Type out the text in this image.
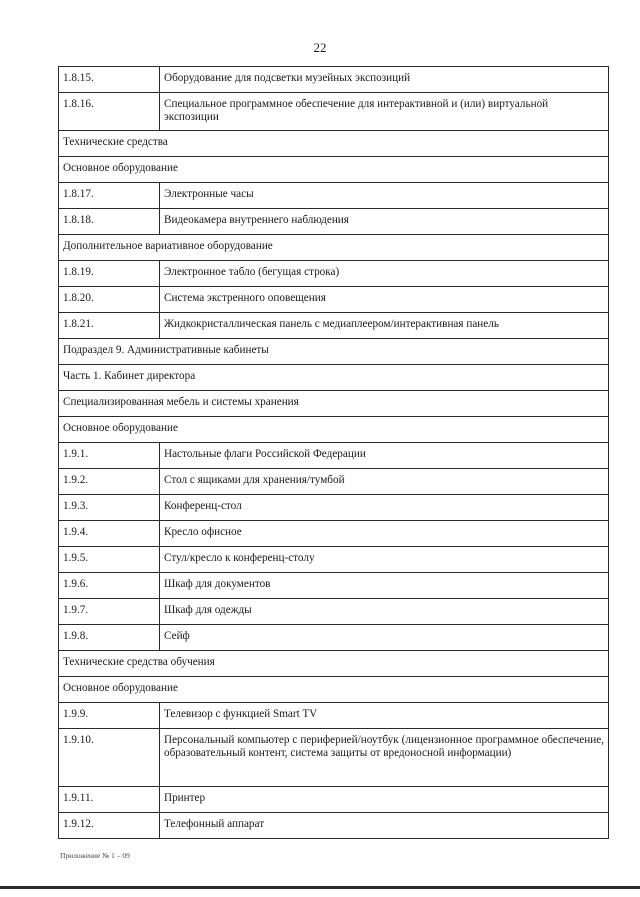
22
1.8.15.	Оборудование для подсветки музейных экспозиций
1.8.16.	Специальное программное обеспечение для интерактивной и (или) виртуальной экспозиции
Технические средства	
Основное оборудование	
1.8.17.	Электронные часы
1.8.18.	Видеокамера внутреннего наблюдения
Дополнительное вариативное оборудование	
1.8.19.	Электронное табло (бегущая строка)
1.8.20.	Система экстренного оповещения
1.8.21.	Жидкокристаллическая панель с медиаплеером/интерактивная панель
Подраздел 9. Административные кабинеты	
Часть 1. Кабинет директора	
Специализированная мебель и системы хранения	
Основное оборудование	
1.9.1.	Настольные флаги Российской Федерации
1.9.2.	Стол с ящиками для хранения/тумбой
1.9.3.	Конференц-стол
1.9.4.	Кресло офисное
1.9.5.	Стул/кресло к конференц-столу
1.9.6.	Шкаф для документов
1.9.7.	Шкаф для одежды
1.9.8.	Сейф
Технические средства обучения	
Основное оборудование	
1.9.9.	Телевизор с функцией Smart TV
1.9.10.	Персональный компьютер с периферией/ноутбук (лицензионное программное обеспечение, образовательный контент, система защиты от вредоносной информации)
1.9.11.	Принтер
1.9.12.	Телефонный аппарат
Приложение № 1 – 09
